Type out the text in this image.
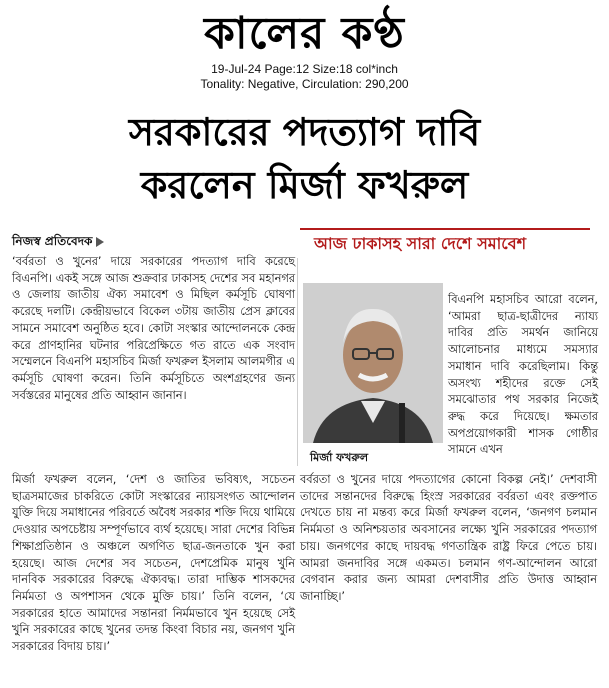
কালের কণ্ঠ
19-Jul-24 Page:12 Size:18 col*inch
Tonality: Negative, Circulation: 290,200
সরকারের পদত্যাগ দাবি
করলেন মির্জা ফখরুল
নিজস্ব প্রতিবেদক	আজ ঢাকাসহ সারা দেশে সমাবেশ
‘বর্বরতা ও খুনের’ দায়ে সরকারের পদত্যাগ দাবি করেছে বিএনপি। একই সঙ্গে আজ শুক্রবার ঢাকাসহ দেশের সব মহানগর ও জেলায় জাতীয় ঐক্য সমাবেশ ও মিছিল কর্মসূচি ঘোষণা করেছে দলটি। কেন্দ্রীয়ভাবে বিকেল ৩টায় জাতীয় প্রেস ক্লাবের সামনে সমাবেশ অনুষ্ঠিত হবে। কোটা সংস্কার আন্দোলনকে কেন্দ্র করে প্রাণহানির ঘটনার পরিপ্রেক্ষিতে গত রাতে এক সংবাদ সম্মেলনে বিএনপি মহাসচিব মির্জা ফখরুল ইসলাম আলমগীর এ কর্মসূচি ঘোষণা করেন। তিনি কর্মসূচিতে অংশগ্রহণের জন্য সর্বস্তরের মানুষের প্রতি আহ্বান জানান।
মির্জা ফখরুল
বিএনপি মহাসচিব আরো বলেন, ‘আমরা ছাত্র-ছাত্রীদের ন্যায্য দাবির প্রতি সমর্থন জানিয়ে আলোচনার মাধ্যমে সমস্যার সমাধান দাবি করেছিলাম। কিন্তু অসংখ্য শহীদের রক্তে সেই সমঝোতার পথ সরকার নিজেই রুদ্ধ করে দিয়েছে। ক্ষমতার অপপ্রয়োগকারী শাসক গোষ্ঠীর সামনে এখন
মির্জা ফখরুল বলেন, ‘দেশ ও জাতির ভবিষ্যৎ, সচেতন ছাত্রসমাজের চাকরিতে কোটা সংস্কারের ন্যায়সংগত আন্দোলন যুক্তি দিয়ে সমাধানের পরিবর্তে অবৈধ সরকার শক্তি দিয়ে থামিয়ে দেওয়ার অপচেষ্টায় সম্পূর্ণভাবে ব্যর্থ হয়েছে। সারা দেশের বিভিন্ন শিক্ষাপ্রতিষ্ঠান ও অঞ্চলে অগণিত ছাত্র-জনতাকে খুন করা হয়েছে। আজ দেশের সব সচেতন, দেশপ্রেমিক মানুষ খুনি দানবিক সরকারের বিরুদ্ধে ঐক্যবদ্ধ। তারা দাম্ভিক শাসকদের নির্মমতা ও অপশাসন থেকে মুক্তি চায়।’ তিনি বলেন, ‘যে সরকারের হাতে আমাদের সন্তানরা নির্মমভাবে খুন হয়েছে সেই খুনি সরকারের কাছে খুনের তদন্ত কিংবা বিচার নয়, জনগণ খুনি সরকারের বিদায় চায়।’
বর্বরতা ও খুনের দায়ে পদত্যাগের কোনো বিকল্প নেই।’ দেশবাসী তাদের সন্তানদের বিরুদ্ধে হিংস্র সরকারের বর্বরতা এবং রক্তপাত দেখতে চায় না মন্তব্য করে মির্জা ফখরুল বলেন, ‘জনগণ চলমান নির্মমতা ও অনিশ্চয়তার অবসানের লক্ষ্যে খুনি সরকারের পদত্যাগ চায়। জনগণের কাছে দায়বদ্ধ গণতান্ত্রিক রাষ্ট্র ফিরে পেতে চায়। আমরা জনদাবির সঙ্গে একমত। চলমান গণ-আন্দোলন আরো বেগবান করার জন্য আমরা দেশবাসীর প্রতি উদাত্ত আহ্বান জানাচ্ছি।’
